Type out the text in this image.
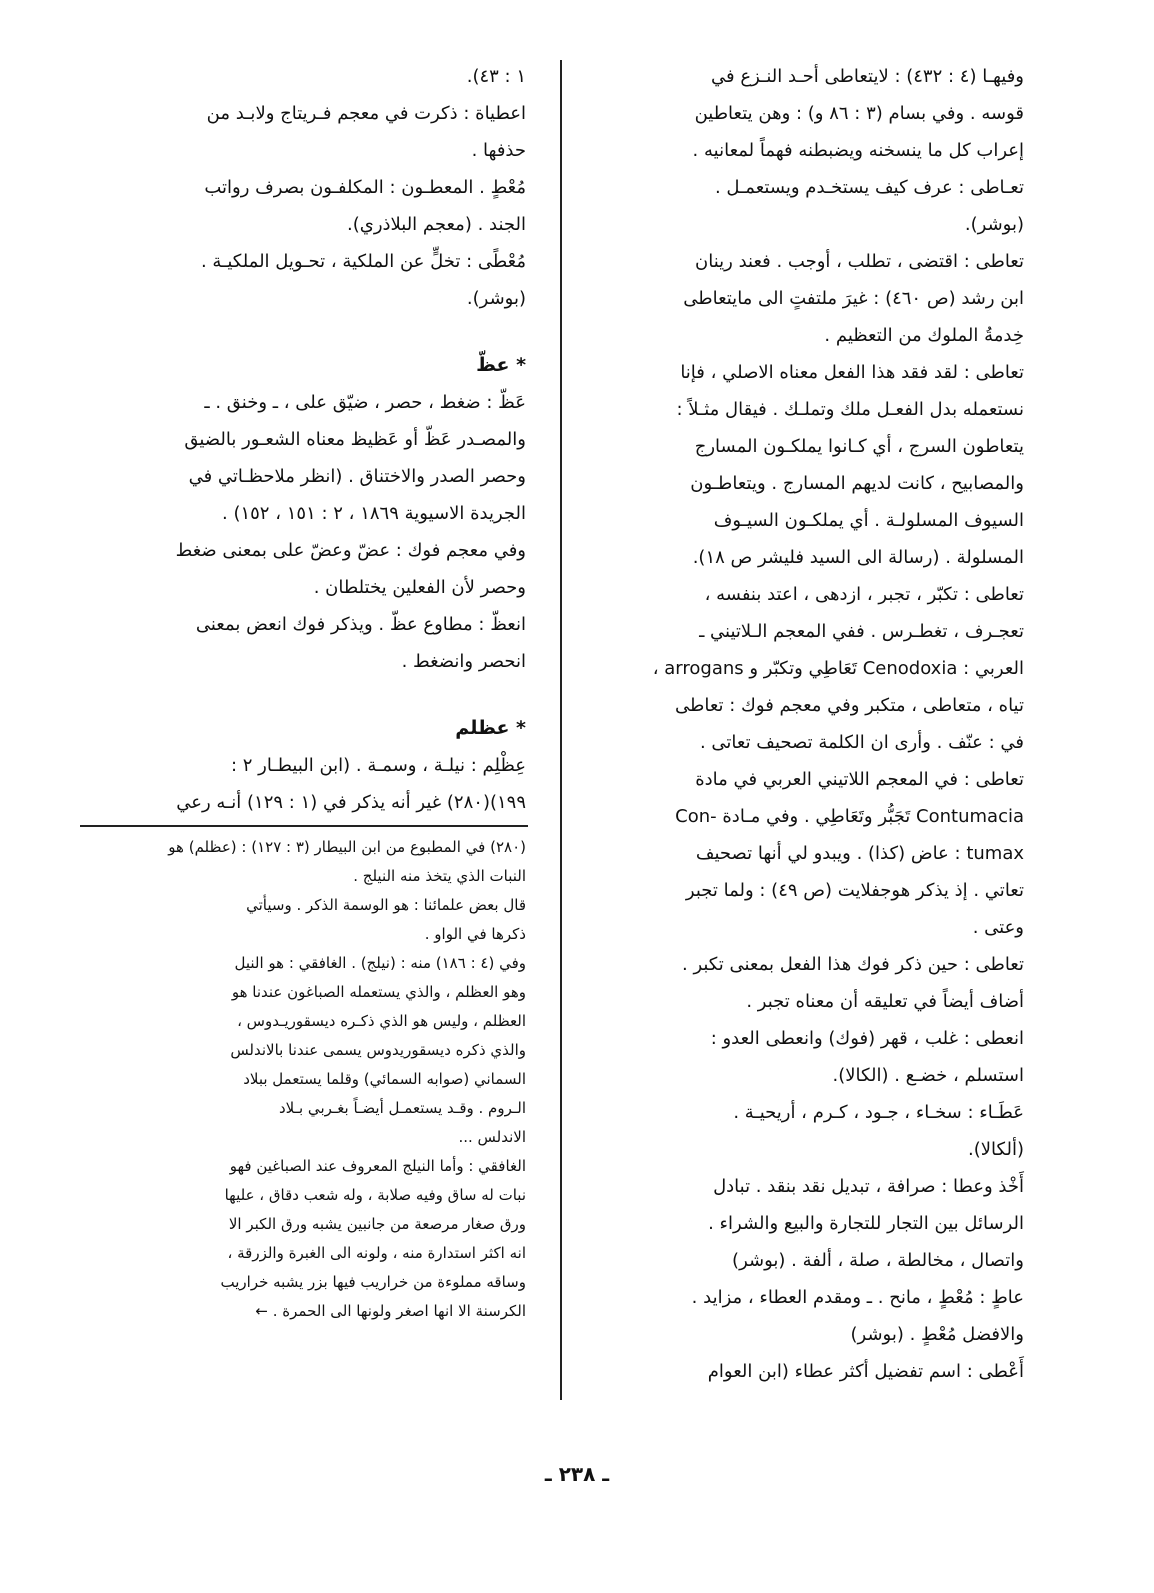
وفيهـا (٤ : ٤٣٢) : لايتعاطى أحـد النـزع في

قوسه . وفي بسام (٣ : ٨٦ و) : وهن يتعاطين

إعراب كل ما ينسخنه ويضبطنه فهماً لمعانيه .

تعـاطى : عرف كيف يستخـدم ويستعمـل .

(بوشر).

تعاطى : اقتضى ، تطلب ، أوجب . فعند رينان

ابن رشد (ص ٤٦٠) : غيرَ ملتفتٍ الى مايتعاطى

خِدمةُ الملوك من التعظيم .

تعاطى : لقد فقد هذا الفعل معناه الاصلي ، فإنا

نستعمله بدل الفعـل ملك وتملـك . فيقال مثـلاً :

يتعاطون السرج ، أي كـانوا يملكـون المسارج

والمصابيح ، كانت لديهم المسارج . ويتعاطـون

السيوف المسلولـة . أي يملكـون السيـوف

المسلولة . (رسالة الى السيد فليشر ص ١٨).

تعاطى : تكبّر ، تجبر ، ازدهى ، اعتد بنفسه ،

تعجـرف ، تغطـرس . ففي المعجم الـلاتيني ـ

العربي : Cenodoxia تَعَاطِي وتكبّر و arrogans ،

تياه ، متعاطى ، متكبر وفي معجم فوك : تعاطى

في : عنّف . وأرى ان الكلمة تصحيف تعاتى .

تعاطى : في المعجم اللاتيني العربي في مادة

Contumacia تَجَبُّر وتَعَاطِي . وفي مـادة -Con

tumax : عاض (كذا) . ويبدو لي أنها تصحيف

تعاتي . إذ يذكر هوجفلايت (ص ٤٩) : ولما تجبر

وعتى .

تعاطى : حين ذكر فوك هذا الفعل بمعنى تكبر .

أضاف أيضاً في تعليقه أن معناه تجبر .

انعطى : غلب ، قهر (فوك) وانعطى العدو :

استسلم ، خضـع . (الكالا).

عَطَـاء : سخـاء ، جـود ، كـرم ، أريحيـة .

(ألكالا).

أَخْذ وعطا : صرافة ، تبديل نقد بنقد . تبادل

الرسائل بين التجار للتجارة والبيع والشراء .

واتصال ، مخالطة ، صلة ، ألفة . (بوشر)

عاطٍ : مُعْطٍ ، مانح . ـ ومقدم العطاء ، مزايد .

والافضل مُعْطٍ . (بوشر)

أَعْطى : اسم تفضيل أكثر عطاء (ابن العوام

١ : ٤٣).

اعطياة : ذكرت في معجم فـريتاج ولابـد من

حذفها .

مُعْطٍ . المعطـون : المكلفـون بصرف رواتب

الجند . (معجم البلاذري).

مُعْطًى : تخلٍّ عن الملكية ، تحـويل الملكيـة .

(بوشر).

* عظّ

عَظّ : ضغط ، حصر ، ضيّق على ، ـ وخنق . ـ

والمصـدر عَظّ أو عَظيظ معناه الشعـور بالضيق

وحصر الصدر والاختناق . (انظر ملاحظـاتي في

الجريدة الاسيوية ١٨٦٩ ، ٢ : ١٥١ ، ١٥٢) .

وفي معجم فوك : عضّ وعضّ على بمعنى ضغط

وحصر لأن الفعلين يختلطان .

انعظّ : مطاوع عظّ . ويذكر فوك انعض بمعنى

انحصر وانضغط .

* عظلم

عِظْلِم : نيلـة ، وسمـة . (ابن البيطـار ٢ :

١٩٩)(٢٨٠) غير أنه يذكر في (١ : ١٢٩) أنـه رعي

(٢٨٠) في المطبوع من ابن البيطار (٣ : ١٢٧) : (عظلم) هو

النبات الذي يتخذ منه النيلج .

قال بعض علمائنا : هو الوسمة الذكر . وسيأتي

ذكرها في الواو .

وفي (٤ : ١٨٦) منه : (نيلج) . الغافقي : هو النيل

وهو العظلم ، والذي يستعمله الصباغون عندنا هو

العظلم ، وليس هو الذي ذكـره ديسقوريـدوس ،

والذي ذكره ديسقوريدوس يسمى عندنا بالاندلس

السماني (صوابه السمائي) وقلما يستعمل ببلاد

الـروم . وقـد يستعمـل أيضـاً بغـربي بـلاد

الاندلس ...

الغافقي : وأما النيلج المعروف عند الصباغين فهو

نبات له ساق وفيه صلابة ، وله شعب دقاق ، عليها

ورق صغار مرصعة من جانبين يشبه ورق الكبر الا

انه اكثر استدارة منه ، ولونه الى الغبرة والزرقة ،

وساقه مملوءة من خراريب فيها بزر يشبه خراريب

الكرسنة الا انها اصغر ولونها الى الحمرة . ←

ـ ٢٣٨ ـ
